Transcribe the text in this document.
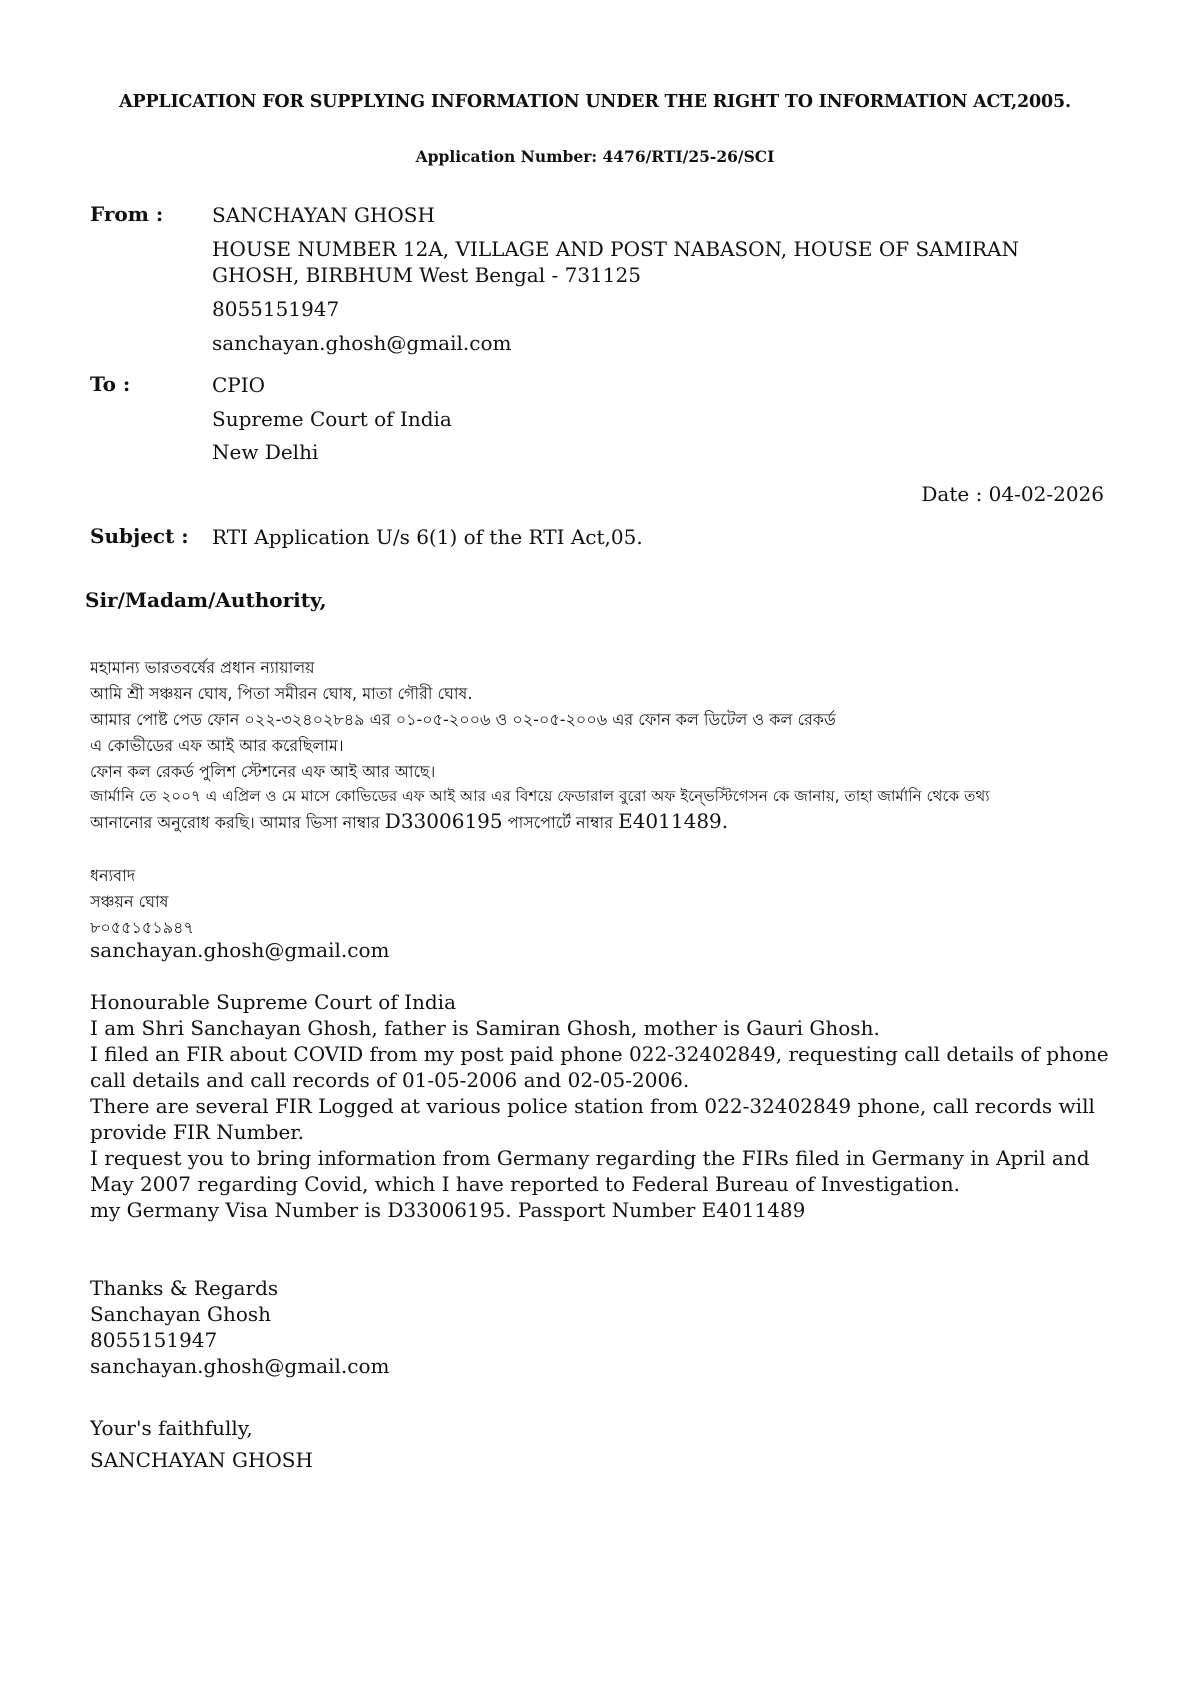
APPLICATION FOR SUPPLYING INFORMATION UNDER THE RIGHT TO INFORMATION ACT,2005.
Application Number: 4476/RTI/25-26/SCI
From : SANCHAYAN GHOSH
HOUSE NUMBER 12A, VILLAGE AND POST NABASON, HOUSE OF SAMIRAN
GHOSH, BIRBHUM West Bengal - 731125
8055151947
sanchayan.ghosh@gmail.com
To :	CPIO
Supreme Court of India
New Delhi
Date : 04-02-2026
Subject : RTI Application U/s 6(1) of the RTI Act,05.
Sir/Madam/Authority,
মহামান্য ভারতবর্ষের প্রধান ন্যায়ালয়
আমি শ্রী সঞ্চয়ন ঘোষ, পিতা সমীরন ঘোষ, মাতা গৌরী ঘোষ.
আমার পোষ্ট পেড ফোন ০২২-৩২৪০২৮৪৯ এর ০১-০৫-২০০৬ ও ০২-০৫-২০০৬ এর ফোন কল ডিটেল ও কল রেকর্ড
এ কোভীডের এফ আই আর করেছিলাম।
ফোন কল রেকর্ড পুলিশ স্টেশনের এফ আই আর আছে।
জার্মানি তে ২০০৭ এ এপ্রিল ও মে মাসে কোভিডের এফ আই আর এর বিশয়ে ফেডারাল বুরো অফ ইন্ভেস্টিগেসন কে জানায়, তাহা জার্মানি থেকে তথ্য
আনানোর অনুরোধ করছি। আমার ভিসা নাম্বার D33006195 পাসপোর্টে নাম্বার E4011489.
ধন্যবাদ
সঞ্চয়ন ঘোষ
৮০৫৫১৫১৯৪৭
sanchayan.ghosh@gmail.com
Honourable Supreme Court of India
I am Shri Sanchayan Ghosh, father is Samiran Ghosh, mother is Gauri Ghosh.
I filed an FIR about COVID from my post paid phone 022-32402849, requesting call details of phone
call details and call records of 01-05-2006 and 02-05-2006.
There are several FIR Logged at various police station from 022-32402849 phone, call records will
provide FIR Number.
I request you to bring information from Germany regarding the FIRs filed in Germany in April and
May 2007 regarding Covid, which I have reported to Federal Bureau of Investigation.
my Germany Visa Number is D33006195. Passport Number E4011489
Thanks & Regards
Sanchayan Ghosh
8055151947
sanchayan.ghosh@gmail.com
Your's faithfully,
SANCHAYAN GHOSH
